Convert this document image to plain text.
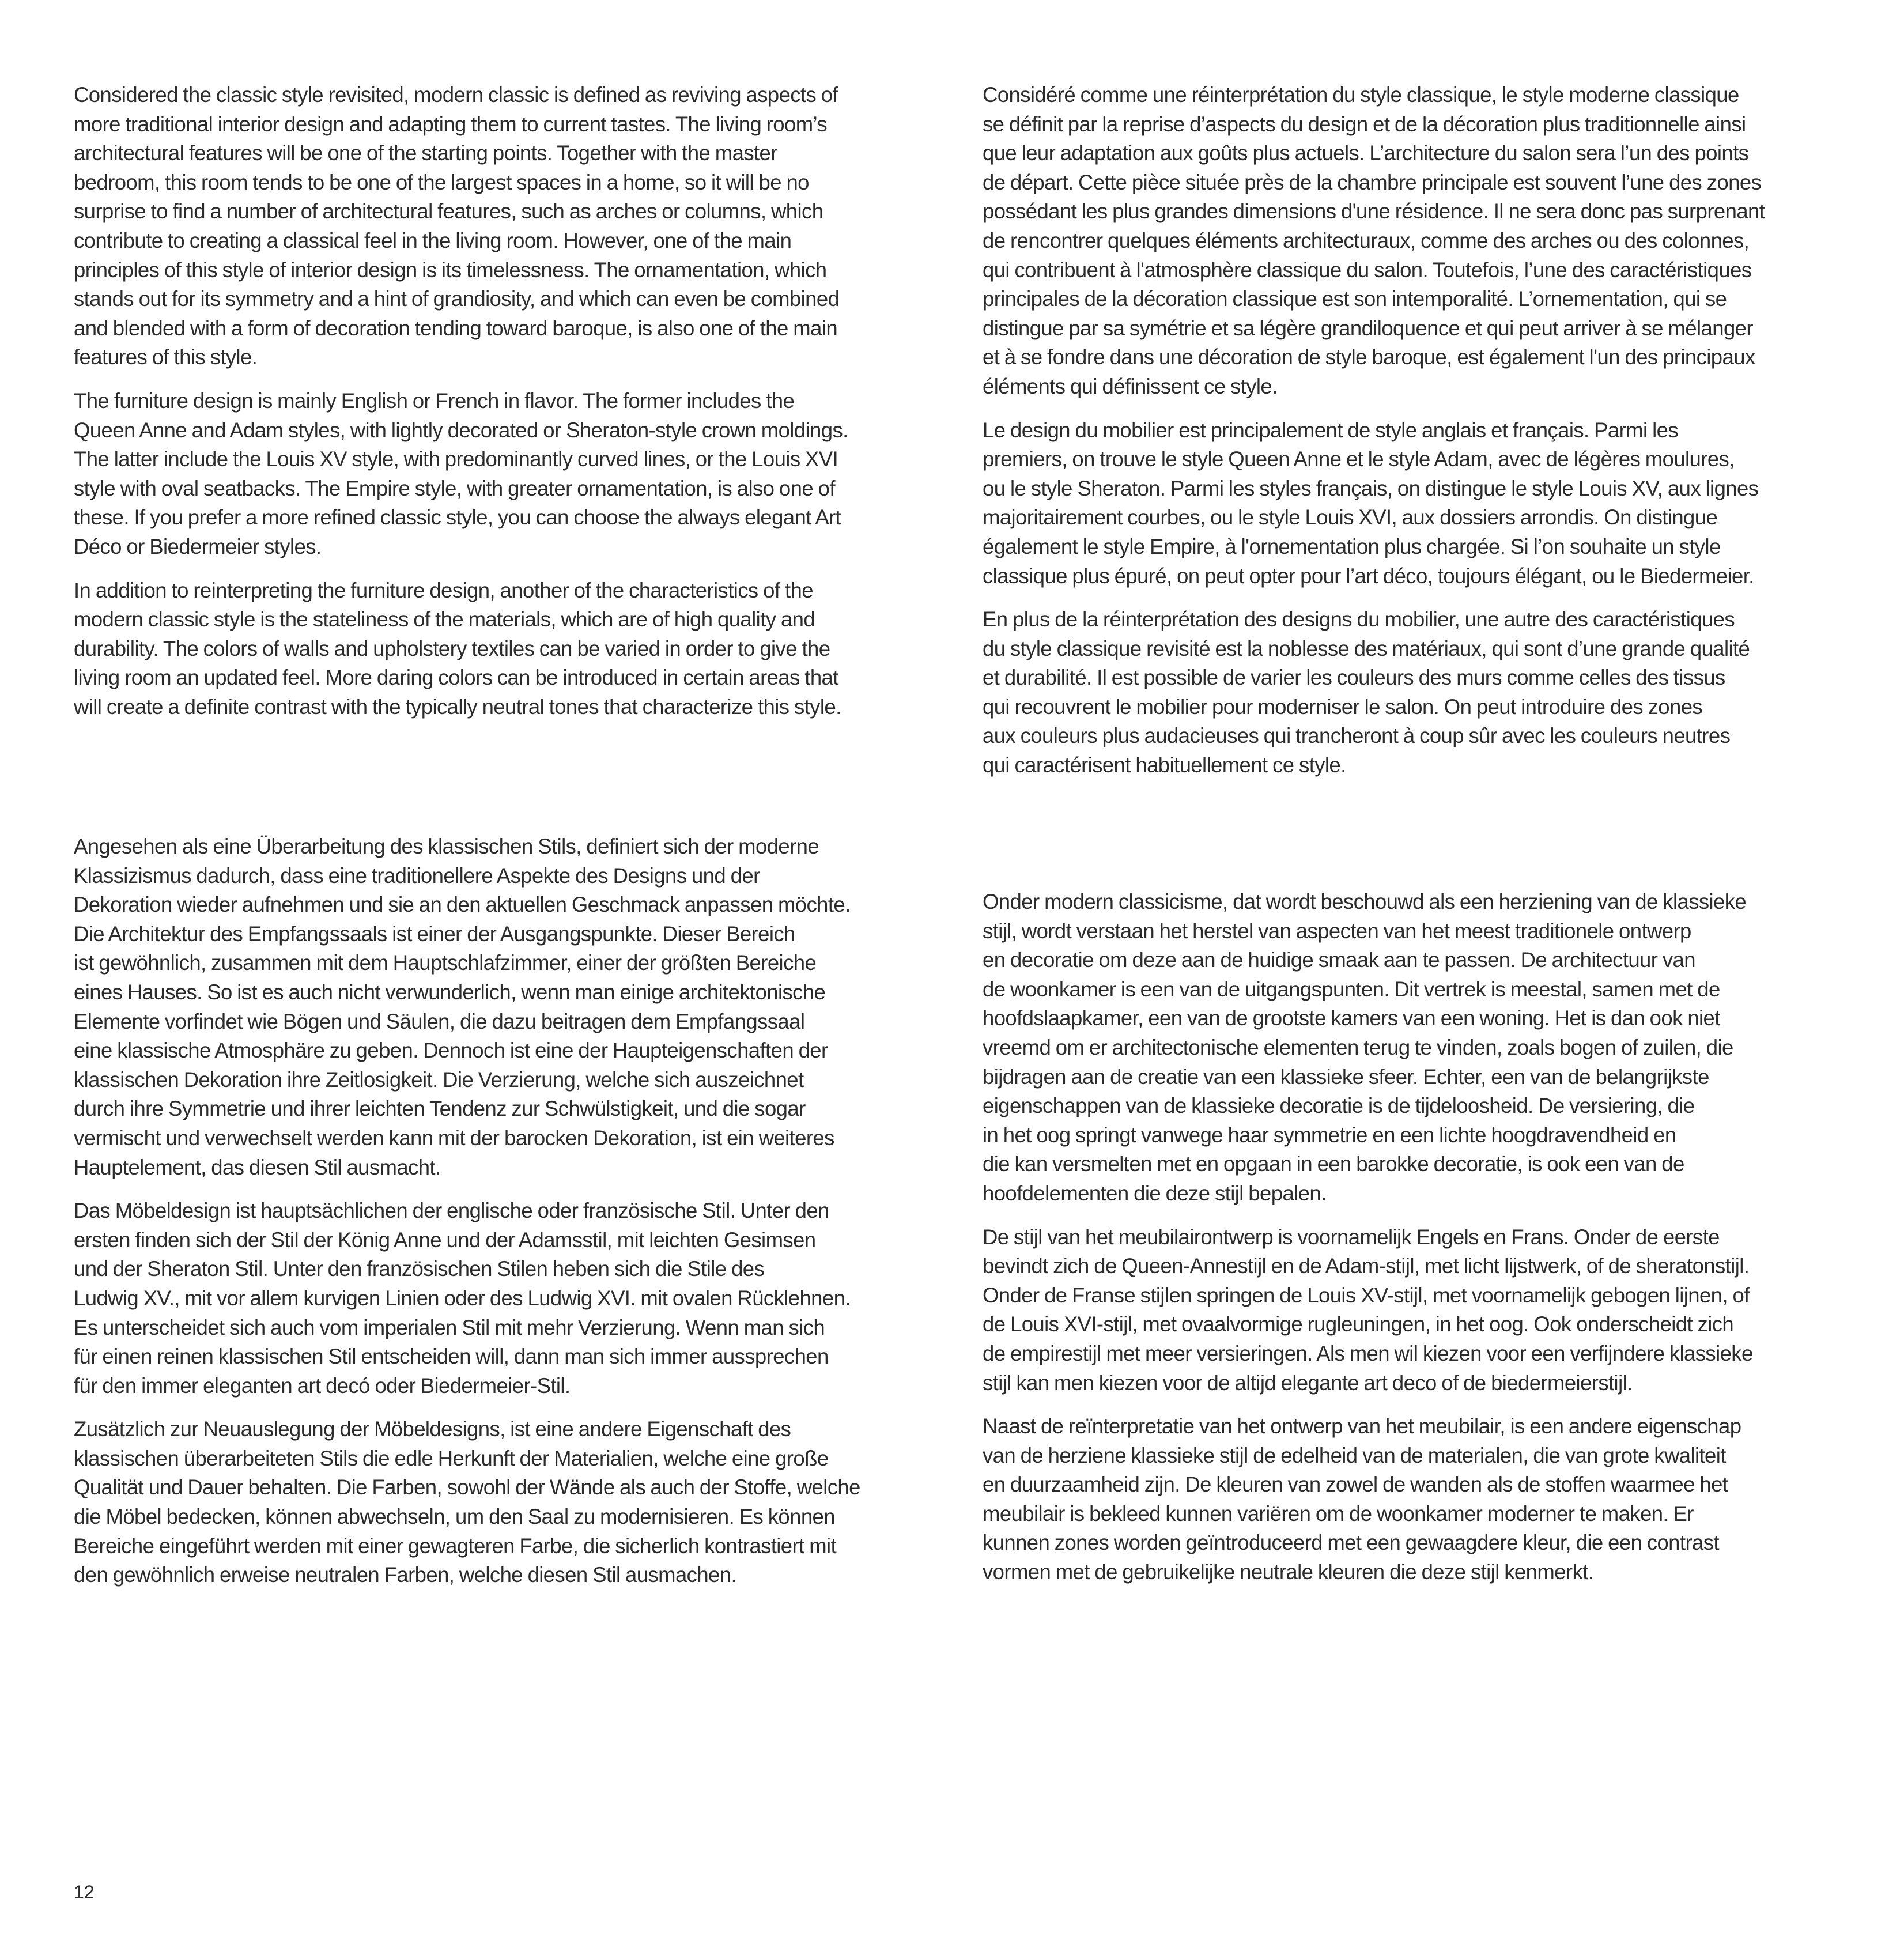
Considered the classic style revisited, modern classic is defined as reviving aspects of
more traditional interior design and adapting them to current tastes. The living room’s
architectural features will be one of the starting points. Together with the master
bedroom, this room tends to be one of the largest spaces in a home, so it will be no
surprise to find a number of architectural features, such as arches or columns, which
contribute to creating a classical feel in the living room. However, one of the main
principles of this style of interior design is its timelessness. The ornamentation, which
stands out for its symmetry and a hint of grandiosity, and which can even be combined
and blended with a form of decoration tending toward baroque, is also one of the main
features of this style.
The furniture design is mainly English or French in flavor. The former includes the
Queen Anne and Adam styles, with lightly decorated or Sheraton-style crown moldings.
The latter include the Louis XV style, with predominantly curved lines, or the Louis XVI
style with oval seatbacks. The Empire style, with greater ornamentation, is also one of
these. If you prefer a more refined classic style, you can choose the always elegant Art
Déco or Biedermeier styles.
In addition to reinterpreting the furniture design, another of the characteristics of the
modern classic style is the stateliness of the materials, which are of high quality and
durability. The colors of walls and upholstery textiles can be varied in order to give the
living room an updated feel. More daring colors can be introduced in certain areas that
will create a definite contrast with the typically neutral tones that characterize this style.
Considéré comme une réinterprétation du style classique, le style moderne classique
se définit par la reprise d’aspects du design et de la décoration plus traditionnelle ainsi
que leur adaptation aux goûts plus actuels. L’architecture du salon sera l’un des points
de départ. Cette pièce située près de la chambre principale est souvent l’une des zones
possédant les plus grandes dimensions d'une résidence. Il ne sera donc pas surprenant
de rencontrer quelques éléments architecturaux, comme des arches ou des colonnes,
qui contribuent à l'atmosphère classique du salon. Toutefois, l’une des caractéristiques
principales de la décoration classique est son intemporalité. L’ornementation, qui se
distingue par sa symétrie et sa légère grandiloquence et qui peut arriver à se mélanger
et à se fondre dans une décoration de style baroque, est également l'un des principaux
éléments qui définissent ce style.
Le design du mobilier est principalement de style anglais et français. Parmi les
premiers, on trouve le style Queen Anne et le style Adam, avec de légères moulures,
ou le style Sheraton. Parmi les styles français, on distingue le style Louis XV, aux lignes
majoritairement courbes, ou le style Louis XVI, aux dossiers arrondis. On distingue
également le style Empire, à l'ornementation plus chargée. Si l’on souhaite un style
classique plus épuré, on peut opter pour l’art déco, toujours élégant, ou le Biedermeier.
En plus de la réinterprétation des designs du mobilier, une autre des caractéristiques
du style classique revisité est la noblesse des matériaux, qui sont d’une grande qualité
et durabilité. Il est possible de varier les couleurs des murs comme celles des tissus
qui recouvrent le mobilier pour moderniser le salon. On peut introduire des zones
aux couleurs plus audacieuses qui trancheront à coup sûr avec les couleurs neutres
qui caractérisent habituellement ce style.
Angesehen als eine Überarbeitung des klassischen Stils, definiert sich der moderne
Klassizismus dadurch, dass eine traditionellere Aspekte des Designs und der
Dekoration wieder aufnehmen und sie an den aktuellen Geschmack anpassen möchte.
Die Architektur des Empfangssaals ist einer der Ausgangspunkte. Dieser Bereich
ist gewöhnlich, zusammen mit dem Hauptschlafzimmer, einer der größten Bereiche
eines Hauses. So ist es auch nicht verwunderlich, wenn man einige architektonische
Elemente vorfindet wie Bögen und Säulen, die dazu beitragen dem Empfangssaal
eine klassische Atmosphäre zu geben. Dennoch ist eine der Haupteigenschaften der
klassischen Dekoration ihre Zeitlosigkeit. Die Verzierung, welche sich auszeichnet
durch ihre Symmetrie und ihrer leichten Tendenz zur Schwülstigkeit, und die sogar
vermischt und verwechselt werden kann mit der barocken Dekoration, ist ein weiteres
Hauptelement, das diesen Stil ausmacht.
Das Möbeldesign ist hauptsächlichen der englische oder französische Stil. Unter den
ersten finden sich der Stil der König Anne und der Adamsstil, mit leichten Gesimsen
und der Sheraton Stil. Unter den französischen Stilen heben sich die Stile des
Ludwig XV., mit vor allem kurvigen Linien oder des Ludwig XVI. mit ovalen Rücklehnen.
Es unterscheidet sich auch vom imperialen Stil mit mehr Verzierung. Wenn man sich
für einen reinen klassischen Stil entscheiden will, dann man sich immer aussprechen
für den immer eleganten art decó oder Biedermeier-Stil.
Zusätzlich zur Neuauslegung der Möbeldesigns, ist eine andere Eigenschaft des
klassischen überarbeiteten Stils die edle Herkunft der Materialien, welche eine große
Qualität und Dauer behalten. Die Farben, sowohl der Wände als auch der Stoffe, welche
die Möbel bedecken, können abwechseln, um den Saal zu modernisieren. Es können
Bereiche eingeführt werden mit einer gewagteren Farbe, die sicherlich kontrastiert mit
den gewöhnlich erweise neutralen Farben, welche diesen Stil ausmachen.
Onder modern classicisme, dat wordt beschouwd als een herziening van de klassieke
stijl, wordt verstaan het herstel van aspecten van het meest traditionele ontwerp
en decoratie om deze aan de huidige smaak aan te passen. De architectuur van
de woonkamer is een van de uitgangspunten. Dit vertrek is meestal, samen met de
hoofdslaapkamer, een van de grootste kamers van een woning. Het is dan ook niet
vreemd om er architectonische elementen terug te vinden, zoals bogen of zuilen, die
bijdragen aan de creatie van een klassieke sfeer. Echter, een van de belangrijkste
eigenschappen van de klassieke decoratie is de tijdeloosheid. De versiering, die
in het oog springt vanwege haar symmetrie en een lichte hoogdravendheid en
die kan versmelten met en opgaan in een barokke decoratie, is ook een van de
hoofdelementen die deze stijl bepalen.
De stijl van het meubilairontwerp is voornamelijk Engels en Frans. Onder de eerste
bevindt zich de Queen-Annestijl en de Adam-stijl, met licht lijstwerk, of de sheratonstijl.
Onder de Franse stijlen springen de Louis XV-stijl, met voornamelijk gebogen lijnen, of
de Louis XVI-stijl, met ovaalvormige rugleuningen, in het oog. Ook onderscheidt zich
de empirestijl met meer versieringen. Als men wil kiezen voor een verfijndere klassieke
stijl kan men kiezen voor de altijd elegante art deco of de biedermeierstijl.
Naast de reïnterpretatie van het ontwerp van het meubilair, is een andere eigenschap
van de herziene klassieke stijl de edelheid van de materialen, die van grote kwaliteit
en duurzaamheid zijn. De kleuren van zowel de wanden als de stoffen waarmee het
meubilair is bekleed kunnen variëren om de woonkamer moderner te maken. Er
kunnen zones worden geïntroduceerd met een gewaagdere kleur, die een contrast
vormen met de gebruikelijke neutrale kleuren die deze stijl kenmerkt.
12
